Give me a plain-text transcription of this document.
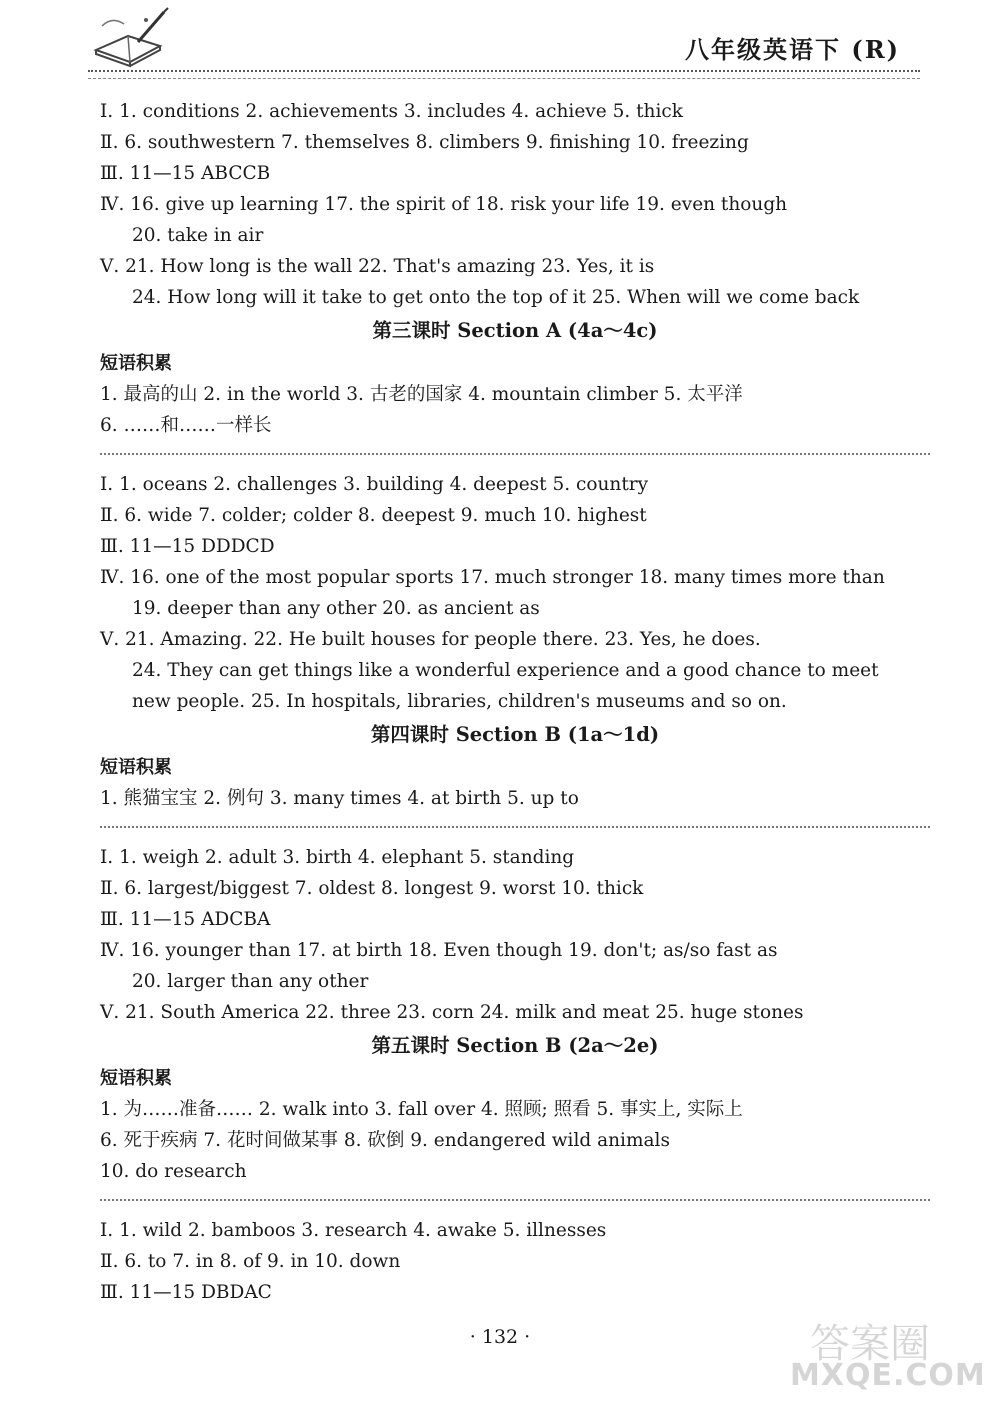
八年级英语下 (R)
Ⅰ. 1. conditions 2. achievements 3. includes 4. achieve 5. thick
Ⅱ. 6. southwestern 7. themselves 8. climbers 9. finishing 10. freezing
Ⅲ. 11—15 ABCCB
Ⅳ. 16. give up learning 17. the spirit of 18. risk your life 19. even though
20. take in air
Ⅴ. 21. How long is the wall 22. That's amazing 23. Yes, it is
24. How long will it take to get onto the top of it 25. When will we come back
第三课时 Section A (4a～4c)
短语积累
1. 最高的山 2. in the world 3. 古老的国家 4. mountain climber 5. 太平洋
6. ……和……一样长
Ⅰ. 1. oceans 2. challenges 3. building 4. deepest 5. country
Ⅱ. 6. wide 7. colder; colder 8. deepest 9. much 10. highest
Ⅲ. 11—15 DDDCD
Ⅳ. 16. one of the most popular sports 17. much stronger 18. many times more than
19. deeper than any other 20. as ancient as
Ⅴ. 21. Amazing. 22. He built houses for people there. 23. Yes, he does.
24. They can get things like a wonderful experience and a good chance to meet
new people. 25. In hospitals, libraries, children's museums and so on.
第四课时 Section B (1a～1d)
短语积累
1. 熊猫宝宝 2. 例句 3. many times 4. at birth 5. up to
Ⅰ. 1. weigh 2. adult 3. birth 4. elephant 5. standing
Ⅱ. 6. largest/biggest 7. oldest 8. longest 9. worst 10. thick
Ⅲ. 11—15 ADCBA
Ⅳ. 16. younger than 17. at birth 18. Even though 19. don't; as/so fast as
20. larger than any other
Ⅴ. 21. South America 22. three 23. corn 24. milk and meat 25. huge stones
第五课时 Section B (2a～2e)
短语积累
1. 为……准备…… 2. walk into 3. fall over 4. 照顾; 照看 5. 事实上, 实际上
6. 死于疾病 7. 花时间做某事 8. 砍倒 9. endangered wild animals
10. do research
Ⅰ. 1. wild 2. bamboos 3. research 4. awake 5. illnesses
Ⅱ. 6. to 7. in 8. of 9. in 10. down
Ⅲ. 11—15 DBDAC
· 132 ·	答案圈
MXQE.COM
